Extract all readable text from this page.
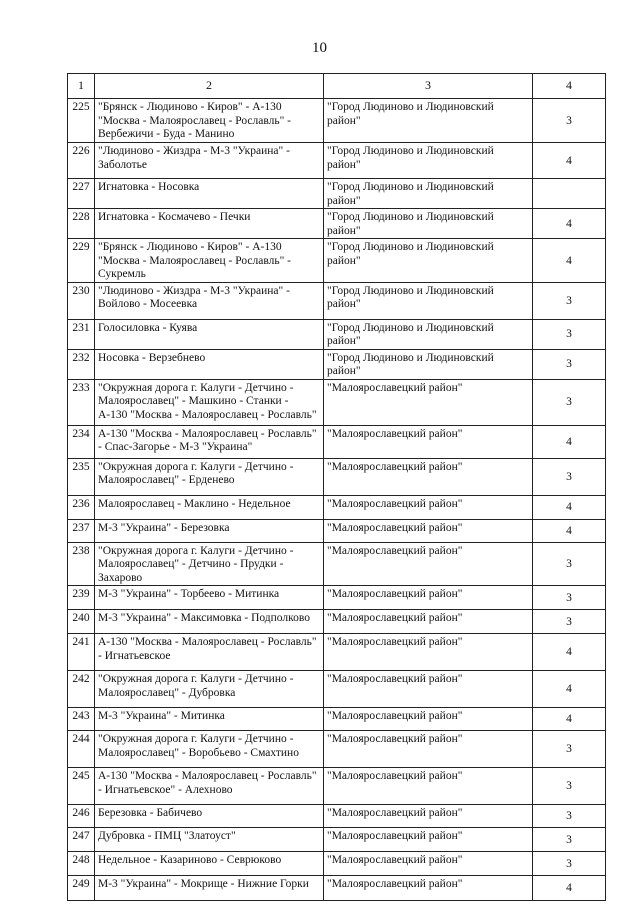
10
1	2	3	4
225	"Брянск - Людиново - Киров" - А-130 "Москва - Малоярославец - Рославль" - Вербежичи - Буда - Манино	"Город Людиново и Людиновский район"	3
226	"Людиново - Жиздра - М-3 "Украина" - Заболотье	"Город Людиново и Людиновский район"	4
227	Игнатовка - Носовка	"Город Людиново и Людиновский район"	
228	Игнатовка - Космачево - Печки	"Город Людиново и Людиновский район"	4
229	"Брянск - Людиново - Киров" - А-130 "Москва - Малоярославец - Рославль" - Сукремль	"Город Людиново и Людиновский район"	4
230	"Людиново - Жиздра - М-3 "Украина" - Войлово - Мосеевка	"Город Людиново и Людиновский район"	3
231	Голосиловка - Куява	"Город Людиново и Людиновский район"	3
232	Носовка - Верзебнево	"Город Людиново и Людиновский район"	3
233	"Окружная дорога г. Калуги - Детчино - Малоярославец" - Машкино - Станки - А-130 "Москва - Малоярославец - Рославль"	"Малоярославецкий район"	3
234	А-130 "Москва - Малоярославец - Рославль" - Спас-Загорье - М-3 "Украина"	"Малоярославецкий район"	4
235	"Окружная дорога г. Калуги - Детчино - Малоярославец" - Ерденево	"Малоярославецкий район"	3
236	Малоярославец - Маклино - Недельное	"Малоярославецкий район"	4
237	М-3 "Украина" - Березовка	"Малоярославецкий район"	4
238	"Окружная дорога г. Калуги - Детчино - Малоярославец" - Детчино - Прудки - Захарово	"Малоярославецкий район"	3
239	М-3 "Украина" - Торбеево - Митинка	"Малоярославецкий район"	3
240	М-3 "Украина" - Максимовка - Подполково	"Малоярославецкий район"	3
241	А-130 "Москва - Малоярославец - Рославль" - Игнатьевское	"Малоярославецкий район"	4
242	"Окружная дорога г. Калуги - Детчино - Малоярославец" - Дубровка	"Малоярославецкий район"	4
243	М-3 "Украина" - Митинка	"Малоярославецкий район"	4
244	"Окружная дорога г. Калуги - Детчино - Малоярославец" - Воробьево - Смахтино	"Малоярославецкий район"	3
245	А-130 "Москва - Малоярославец - Рославль" - Игнатьевское" - Алехново	"Малоярославецкий район"	3
246	Березовка - Бабичево	"Малоярославецкий район"	3
247	Дубровка - ПМЦ "Златоуст"	"Малоярославецкий район"	3
248	Недельное - Казариново - Севрюково	"Малоярославецкий район"	3
249	М-3 "Украина" - Мокрище - Нижние Горки	"Малоярославецкий район"	4
